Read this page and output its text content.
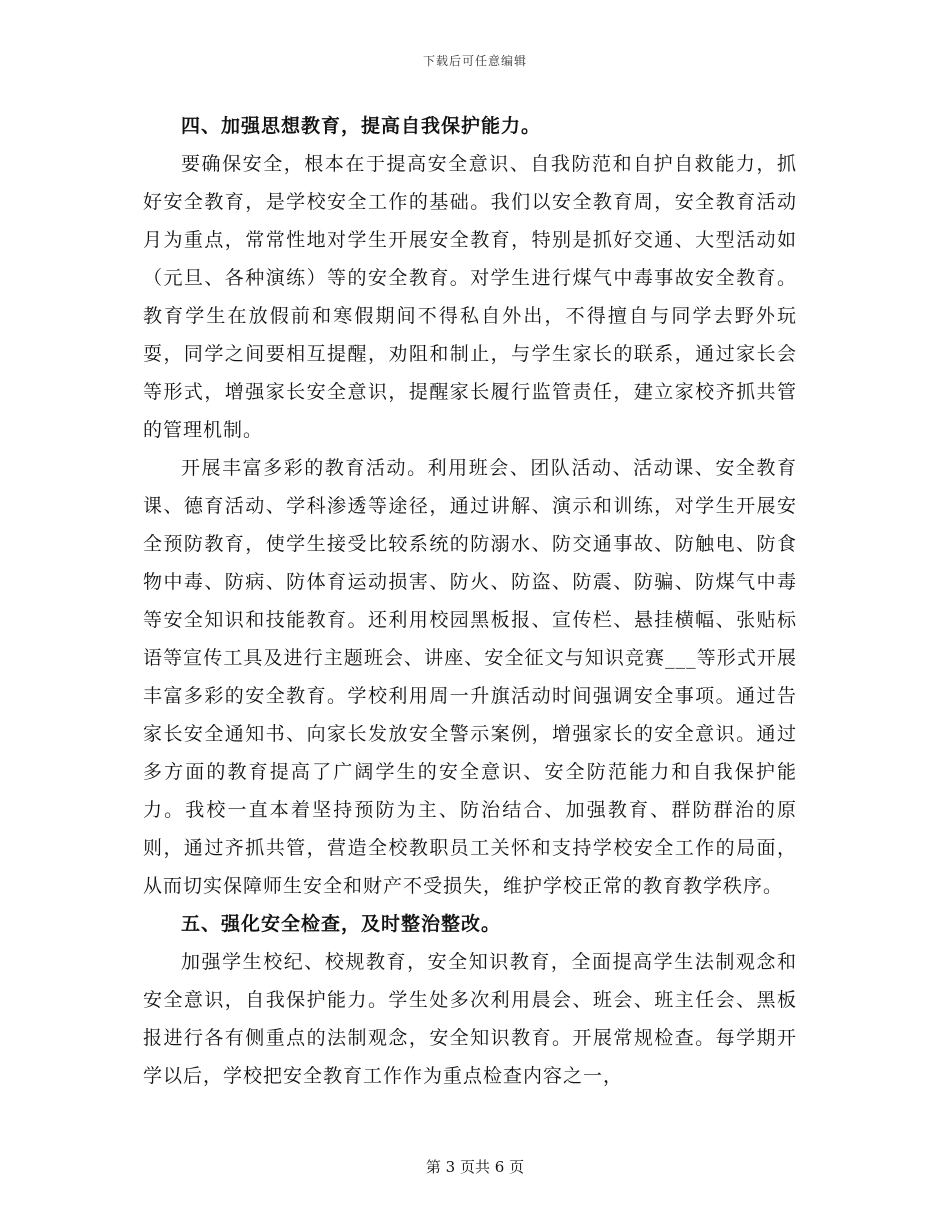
下载后可任意编辑

四、加强思想教育，提高自我保护能力。

要确保安全，根本在于提高安全意识、自我防范和自护自救能力，抓好安全教育，是学校安全工作的基础。我们以安全教育周，安全教育活动月为重点，常常性地对学生开展安全教育，特别是抓好交通、大型活动如（元旦、各种演练）等的安全教育。对学生进行煤气中毒事故安全教育。教育学生在放假前和寒假期间不得私自外出，不得擅自与同学去野外玩耍，同学之间要相互提醒，劝阻和制止，与学生家长的联系，通过家长会等形式，增强家长安全意识，提醒家长履行监管责任，建立家校齐抓共管的管理机制。

开展丰富多彩的教育活动。利用班会、团队活动、活动课、安全教育课、德育活动、学科渗透等途径，通过讲解、演示和训练，对学生开展安全预防教育，使学生接受比较系统的防溺水、防交通事故、防触电、防食物中毒、防病、防体育运动损害、防火、防盗、防震、防骗、防煤气中毒等安全知识和技能教育。还利用校园黑板报、宣传栏、悬挂横幅、张贴标语等宣传工具及进行主题班会、讲座、安全征文与知识竞赛___等形式开展丰富多彩的安全教育。学校利用周一升旗活动时间强调安全事项。通过告家长安全通知书、向家长发放安全警示案例，增强家长的安全意识。通过多方面的教育提高了广阔学生的安全意识、安全防范能力和自我保护能力。我校一直本着坚持预防为主、防治结合、加强教育、群防群治的原则，通过齐抓共管，营造全校教职员工关怀和支持学校安全工作的局面，从而切实保障师生安全和财产不受损失，维护学校正常的教育教学秩序。

五、强化安全检查，及时整治整改。

加强学生校纪、校规教育，安全知识教育，全面提高学生法制观念和安全意识，自我保护能力。学生处多次利用晨会、班会、班主任会、黑板报进行各有侧重点的法制观念，安全知识教育。开展常规检查。每学期开学以后，学校把安全教育工作作为重点检查内容之一，

第 3 页共 6 页
